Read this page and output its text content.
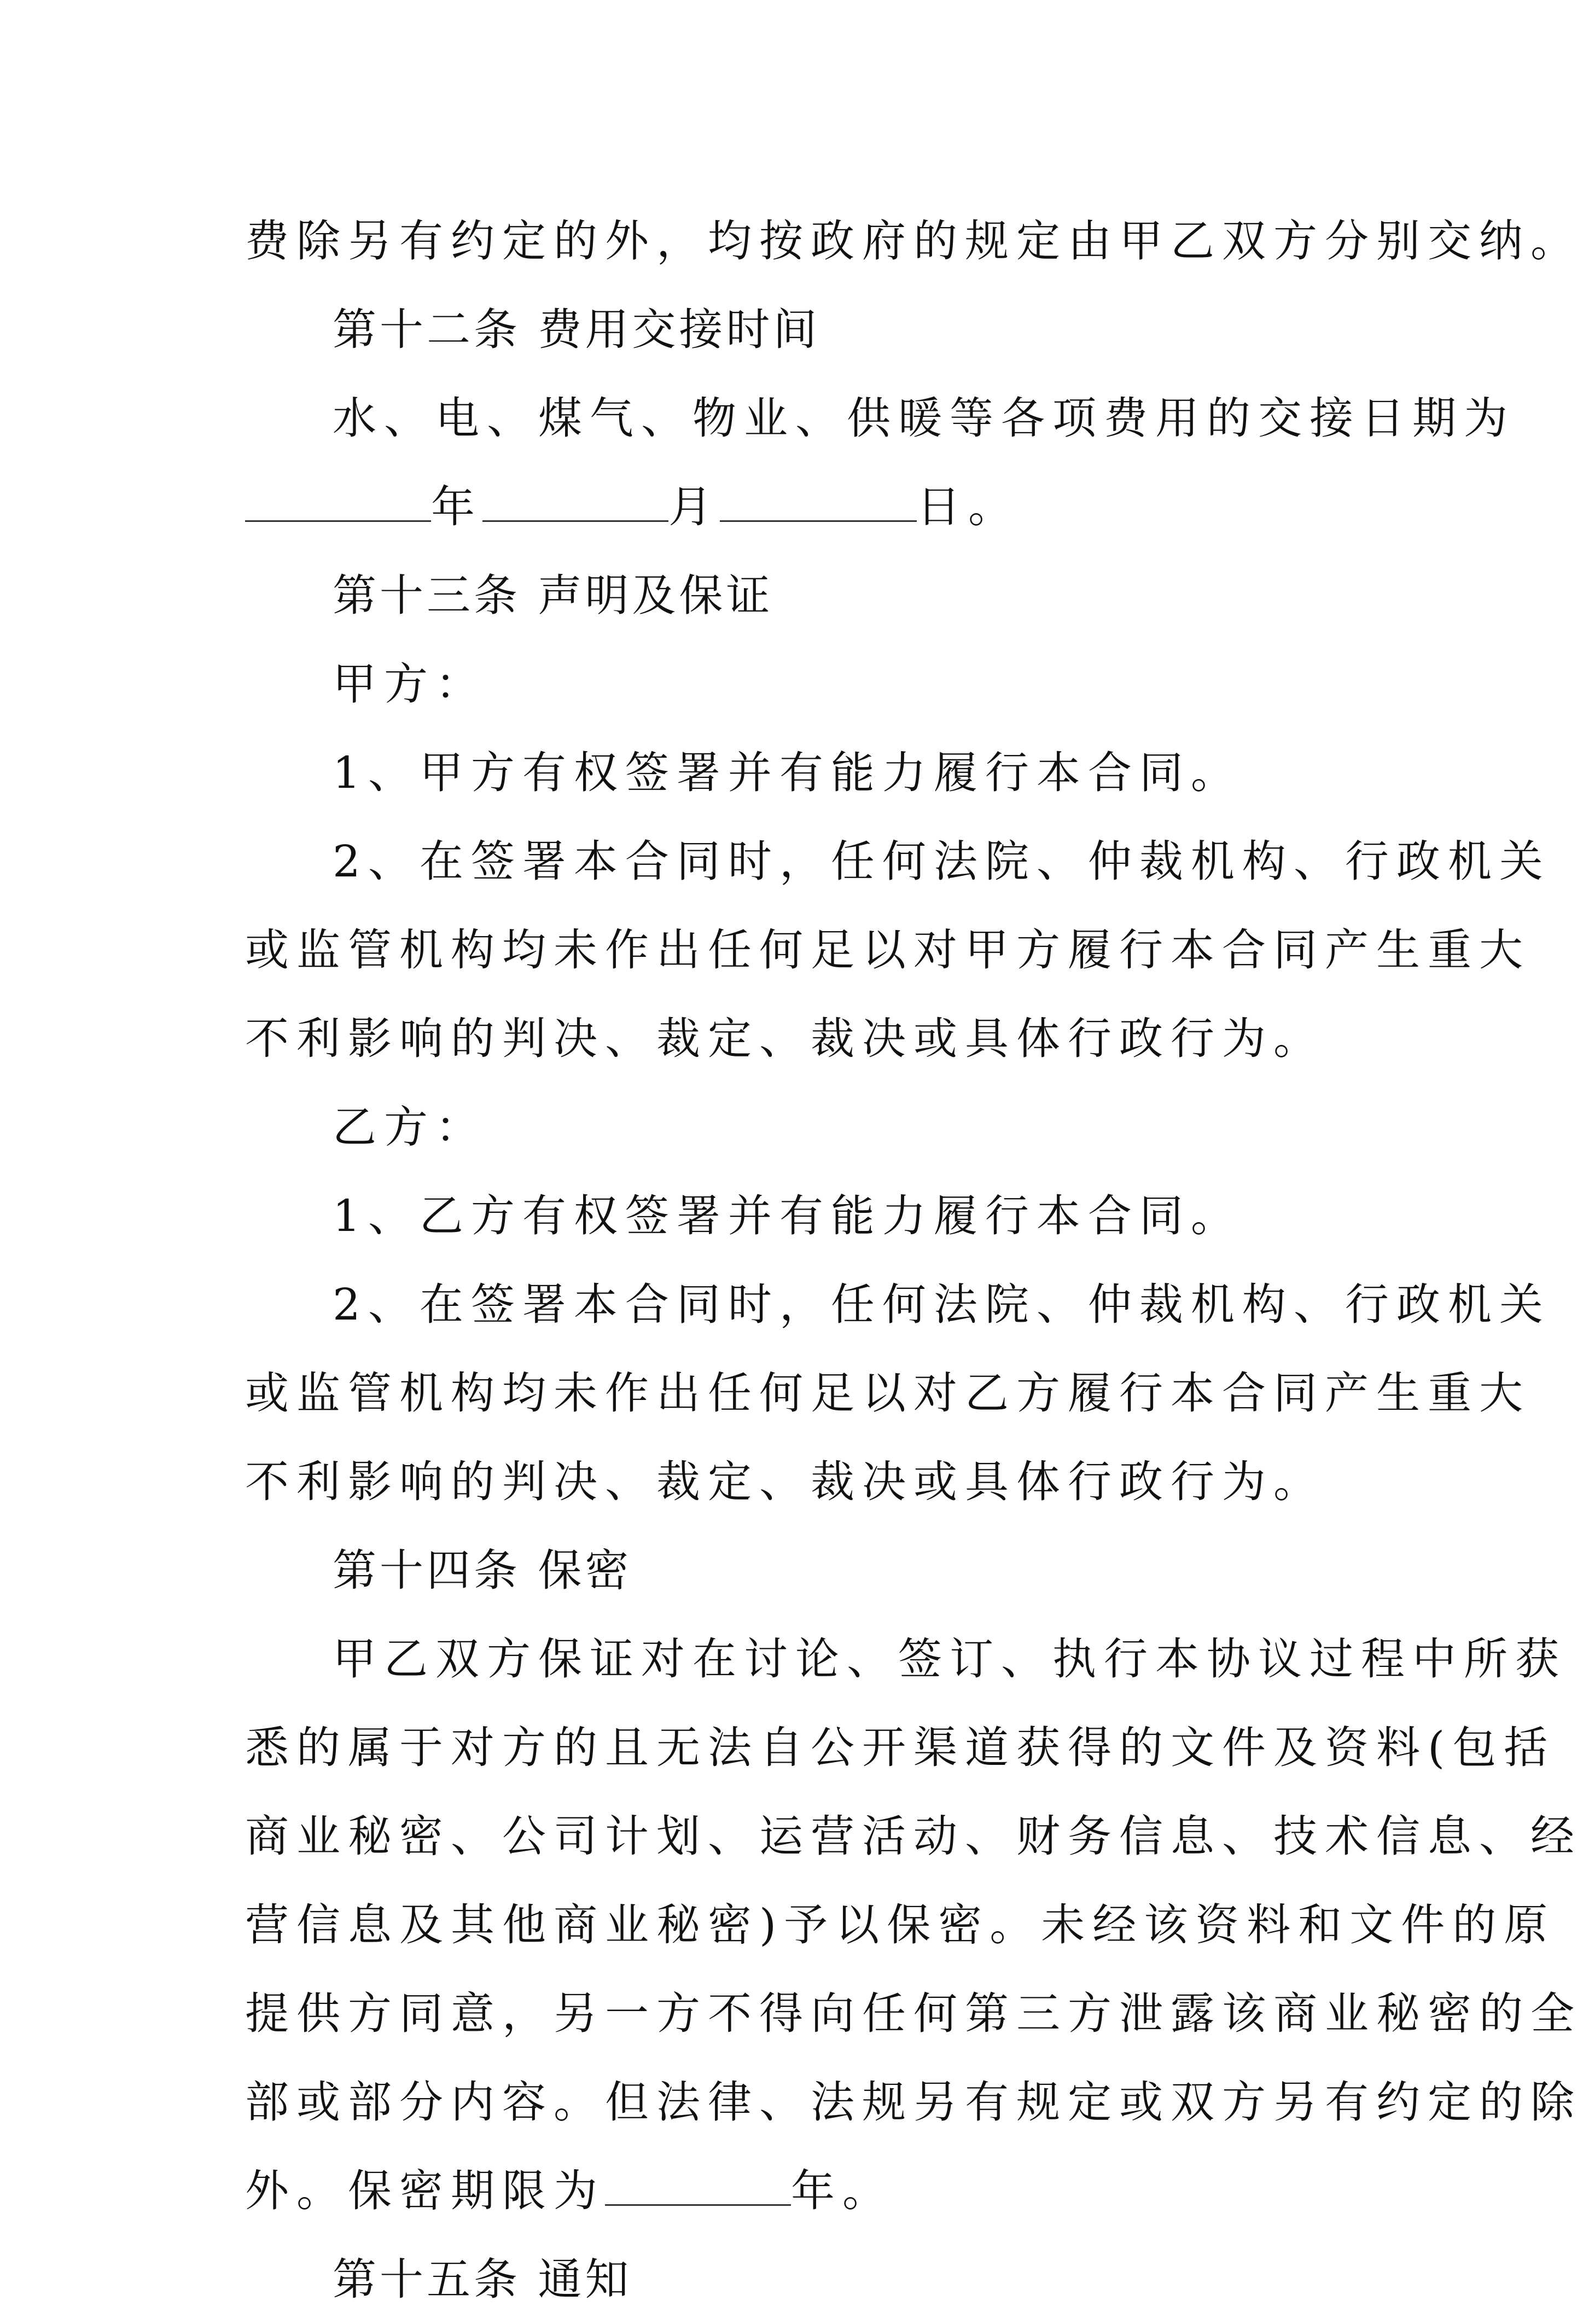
费除另有约定的外，均按政府的规定由甲乙双方分别交纳。
第十二条 费用交接时间
水、电、煤气、物业、供暖等各项费用的交接日期为
年	月	日。
第十三条 声明及保证
甲方：
1、甲方有权签署并有能力履行本合同。
2、在签署本合同时，任何法院、仲裁机构、行政机关
或监管机构均未作出任何足以对甲方履行本合同产生重大
不利影响的判决、裁定、裁决或具体行政行为。
乙方：
1、乙方有权签署并有能力履行本合同。
2、在签署本合同时，任何法院、仲裁机构、行政机关
或监管机构均未作出任何足以对乙方履行本合同产生重大
不利影响的判决、裁定、裁决或具体行政行为。
第十四条 保密
甲乙双方保证对在讨论、签订、执行本协议过程中所获
悉的属于对方的且无法自公开渠道获得的文件及资料(包括
商业秘密、公司计划、运营活动、财务信息、技术信息、经
营信息及其他商业秘密)予以保密。未经该资料和文件的原
提供方同意，另一方不得向任何第三方泄露该商业秘密的全
部或部分内容。但法律、法规另有规定或双方另有约定的除
外。保密期限为	年。
第十五条 通知
